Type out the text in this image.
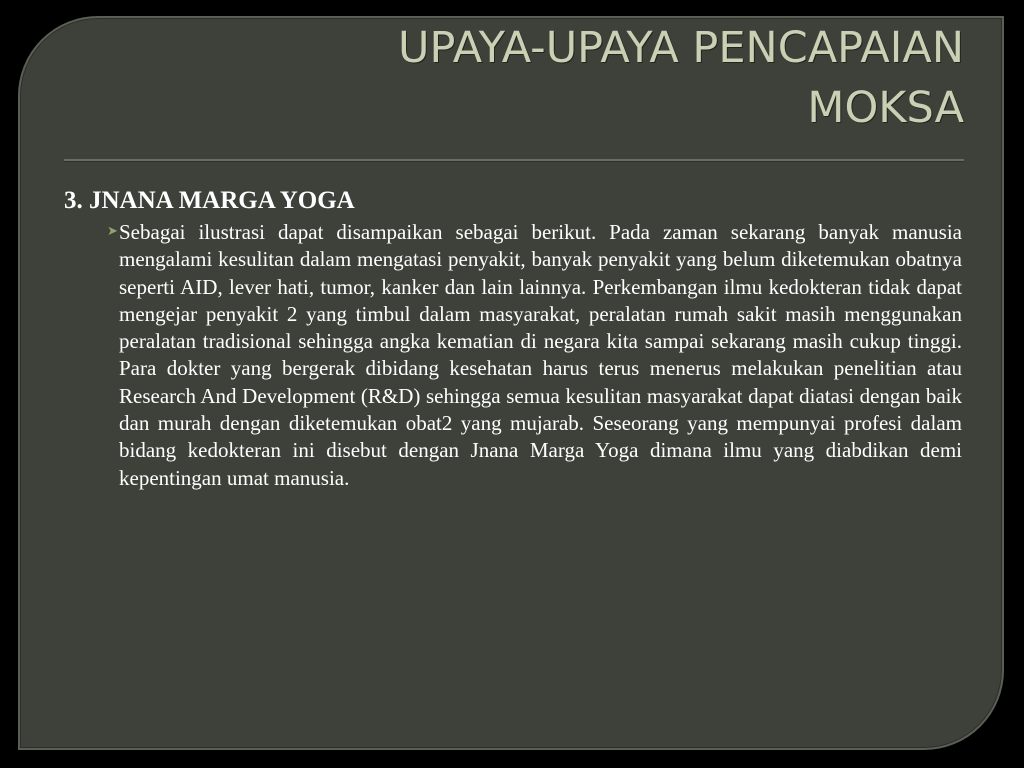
UPAYA-UPAYA PENCAPAIAN
MOKSA
3. JNANA MARGA YOGA
➤ Sebagai ilustrasi dapat disampaikan sebagai berikut. Pada zaman sekarang banyak manusia mengalami kesulitan dalam mengatasi penyakit, banyak penyakit yang belum diketemukan obatnya seperti AID, lever hati, tumor, kanker dan lain lainnya. Perkembangan ilmu kedokteran tidak dapat mengejar penyakit 2 yang timbul dalam masyarakat, peralatan rumah sakit masih menggunakan peralatan tradisional sehingga angka kematian di negara kita sampai sekarang masih cukup tinggi. Para dokter yang bergerak dibidang kesehatan harus terus menerus melakukan penelitian atau Research And Development (R&D) sehingga semua kesulitan masyarakat dapat diatasi dengan baik dan murah dengan diketemukan obat2 yang mujarab. Seseorang yang mempunyai profesi dalam bidang kedokteran ini disebut dengan Jnana Marga Yoga dimana ilmu yang diabdikan demi kepentingan umat manusia.
